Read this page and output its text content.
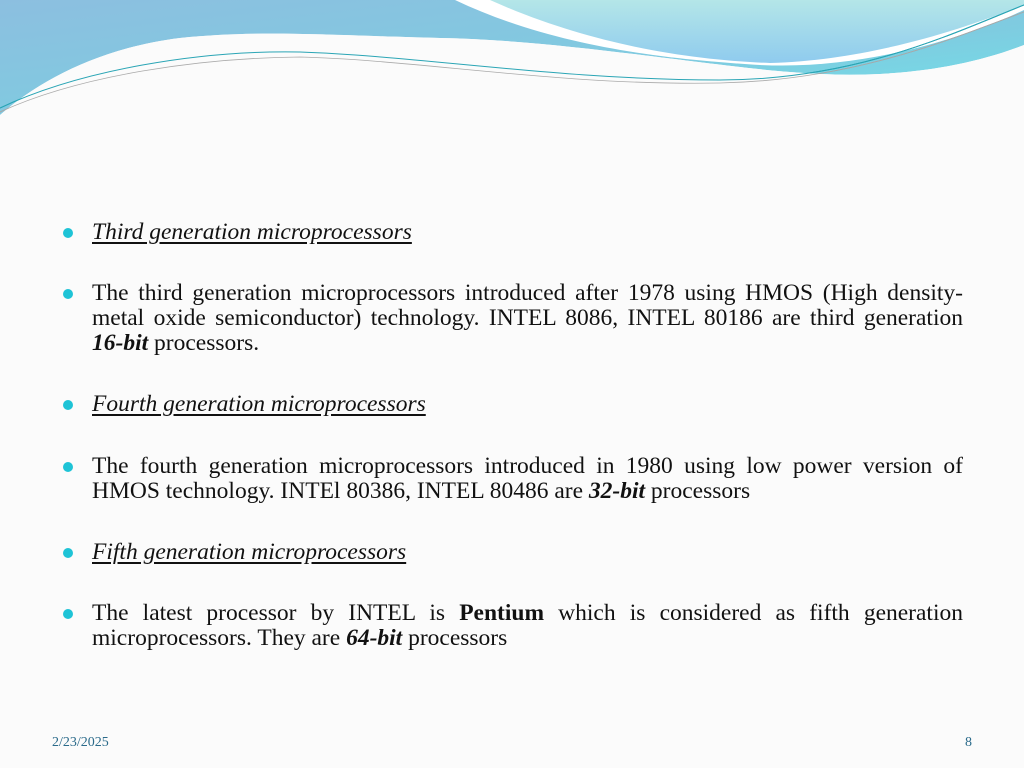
Third generation microprocessors
The third generation microprocessors introduced after 1978 using HMOS (High density-metal oxide semiconductor) technology. INTEL 8086, INTEL 80186 are third generation 16-bit processors.
Fourth generation microprocessors
The fourth generation microprocessors introduced in 1980 using low power version of HMOS technology. INTEl 80386, INTEL 80486 are 32-bit processors
Fifth generation microprocessors
The latest processor by INTEL is Pentium which is considered as fifth generation microprocessors. They are 64-bit processors
2/23/2025	8
